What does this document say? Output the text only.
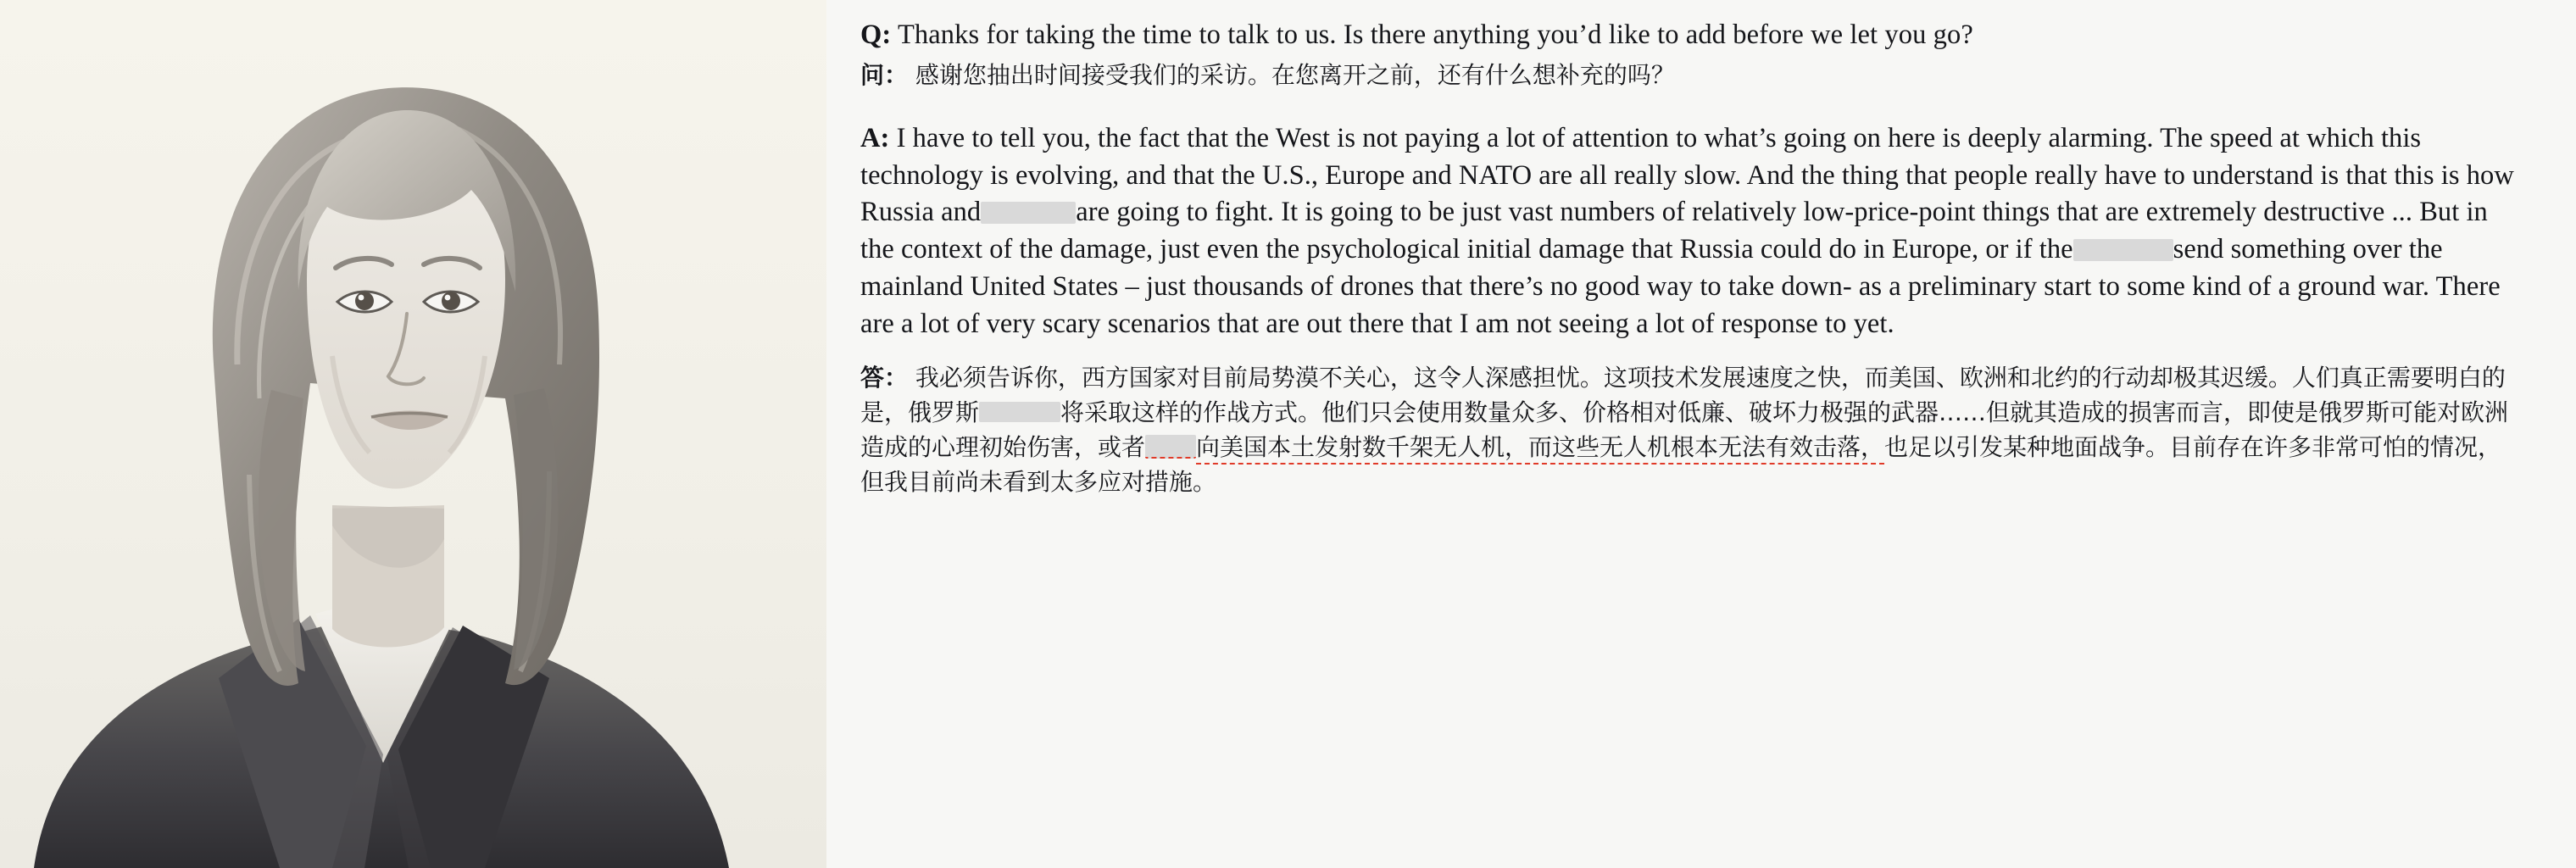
Q: Thanks for taking the time to talk to us. Is there anything you’d like to add before we let you go?

问： 感谢您抽出时间接受我们的采访。在您离开之前，还有什么想补充的吗？

A: I have to tell you, the fact that the West is not paying a lot of attention to what’s going on here is deeply alarming. The speed at which this technology is evolving, and that the U.S., Europe and NATO are all really slow. And the thing that people really have to understand is that this is how Russia and	are going to fight. It is going to be just vast numbers of relatively low-price-point things that are extremely destructive ... But in the context of the damage, just even the psychological initial damage that Russia could do in Europe, or if the	send something over the mainland United States – just thousands of drones that there’s no good way to take down- as a preliminary start to some kind of a ground war. There are a lot of very scary scenarios that are out there that I am not seeing a lot of response to yet.

答： 我必须告诉你，西方国家对目前局势漠不关心，这令人深感担忧。这项技术发展速度之快，而美国、欧洲和北约的行动却极其迟缓。人们真正需要明白的是，俄罗斯	将采取这样的作战方式。他们只会使用数量众多、价格相对低廉、破坏力极强的武器……但就其造成的损害而言，即使是俄罗斯可能对欧洲造成的心理初始伤害，或者 向美国本土发射数千架无人机，而这些无人机根本无法有效击落，也足以引发某种地面战争。目前存在许多非常可怕的情况，但我目前尚未看到太多应对措施。
